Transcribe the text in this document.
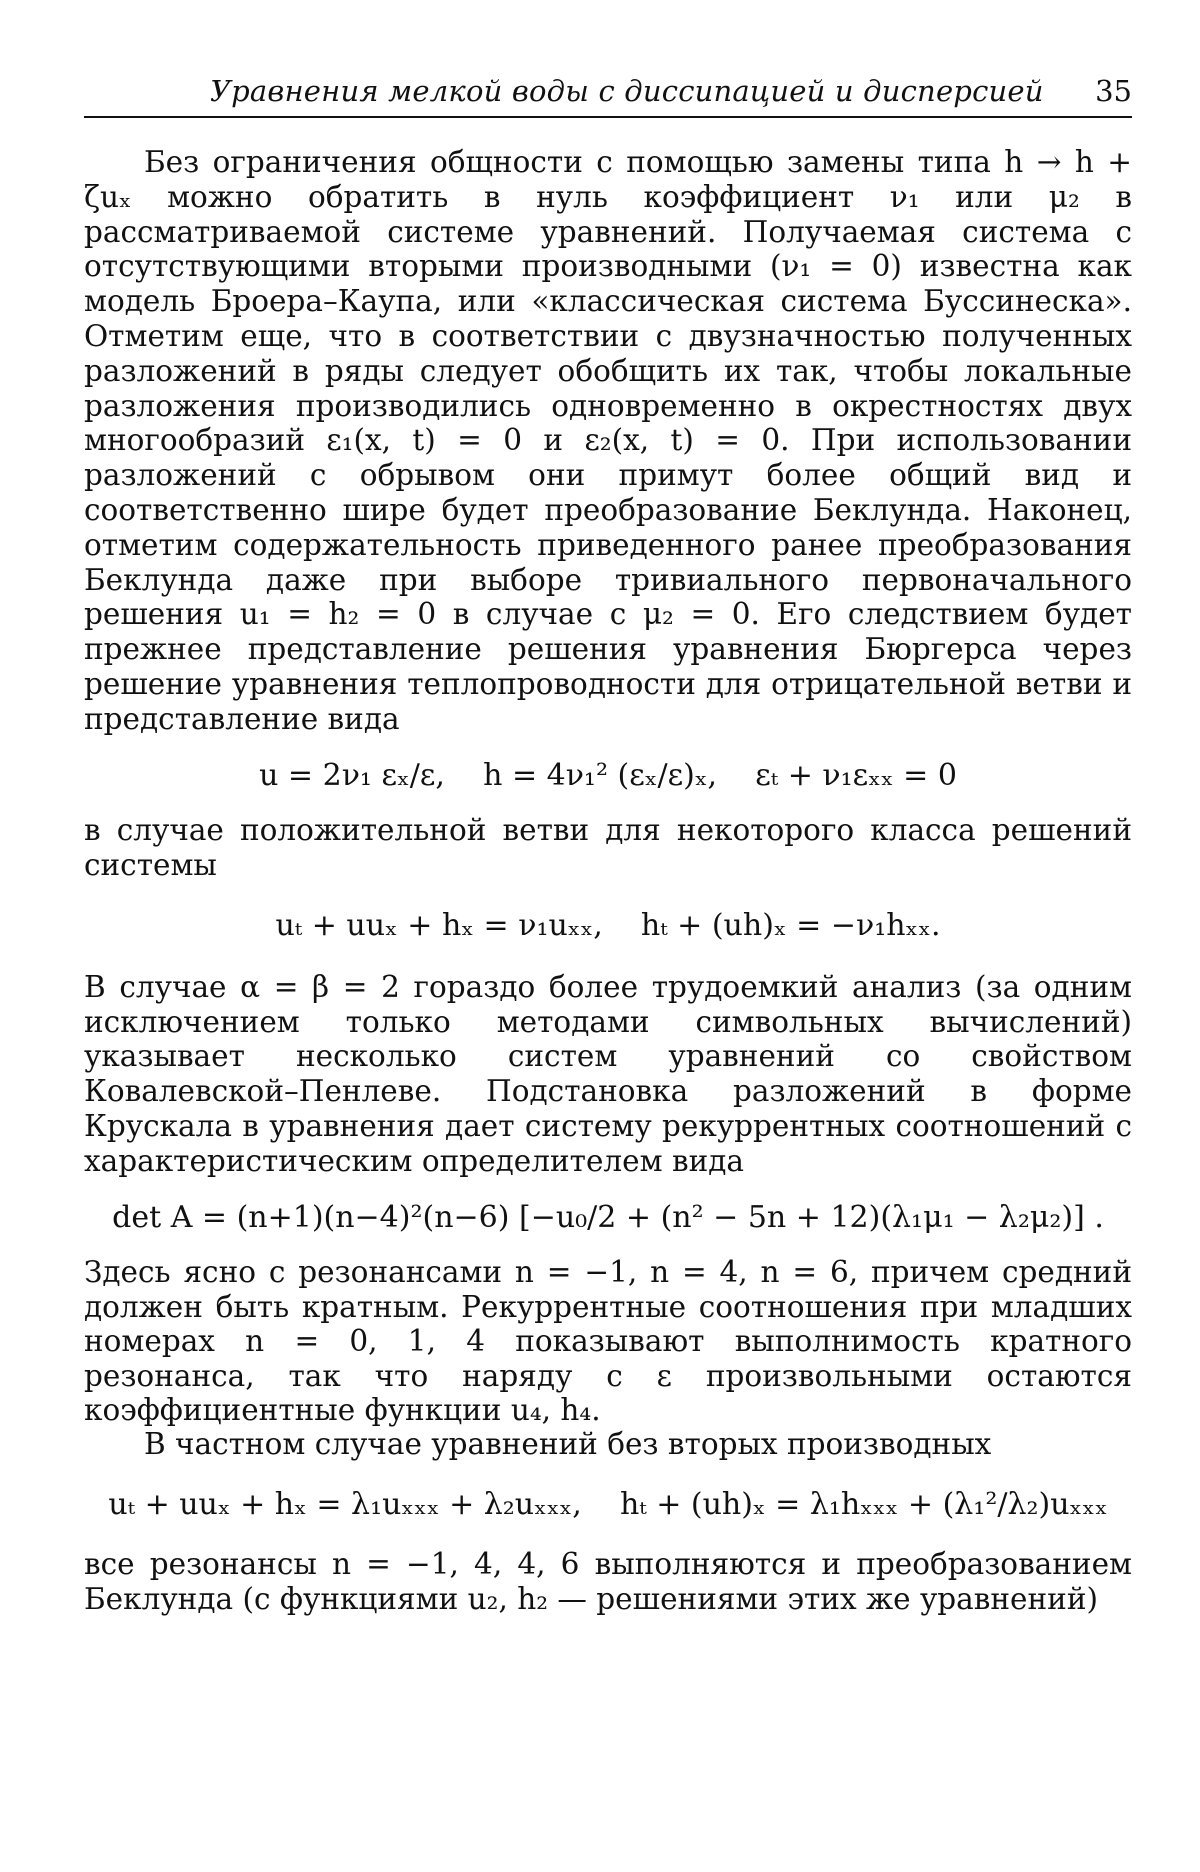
Уравнения мелкой воды с диссипацией и дисперсией 35

Без ограничения общности с помощью замены типа h → h + ζuₓ можно обратить в нуль коэффициент ν₁ или μ₂ в рассматриваемой системе уравнений. Получаемая система с отсутствующими вторыми производными (ν₁ = 0) известна как модель Броера–Каупа, или «классическая система Буссинеска». Отметим еще, что в соответствии с двузначностью полученных разложений в ряды следует обобщить их так, чтобы локальные разложения производились одновременно в окрестностях двух многообразий ε₁(x, t) = 0 и ε₂(x, t) = 0. При использовании разложений с обрывом они примут более общий вид и соответственно шире будет преобразование Беклунда. Наконец, отметим содержательность приведенного ранее преобразования Беклунда даже при выборе тривиального первоначального решения u₁ = h₂ = 0 в случае с μ₂ = 0. Его следствием будет прежнее представление решения уравнения Бюргерса через решение уравнения теплопроводности для отрицательной ветви и представление вида

u = 2ν₁ εₓ/ε,    h = 4ν₁² (εₓ/ε)ₓ,    εₜ + ν₁εₓₓ = 0

в случае положительной ветви для некоторого класса решений системы

uₜ + uuₓ + hₓ = ν₁uₓₓ,    hₜ + (uh)ₓ = −ν₁hₓₓ.

В случае α = β = 2 гораздо более трудоемкий анализ (за одним исключением только методами символьных вычислений) указывает несколько систем уравнений со свойством Ковалевской–Пенлеве. Подстановка разложений в форме Крускала в уравнения дает систему рекуррентных соотношений с характеристическим определителем вида

det A = (n+1)(n−4)²(n−6) [−u₀/2 + (n² − 5n + 12)(λ₁μ₁ − λ₂μ₂)] .

Здесь ясно с резонансами n = −1, n = 4, n = 6, причем средний должен быть кратным. Рекуррентные соотношения при младших номерах n = 0, 1, 4 показывают выполнимость кратного резонанса, так что наряду с ε произвольными остаются коэффициентные функции u₄, h₄.

В частном случае уравнений без вторых производных

uₜ + uuₓ + hₓ = λ₁uₓₓₓ + λ₂uₓₓₓ,    hₜ + (uh)ₓ = λ₁hₓₓₓ + (λ₁²/λ₂)uₓₓₓ

все резонансы n = −1, 4, 4, 6 выполняются и преобразованием Беклунда (с функциями u₂, h₂ — решениями этих же уравнений)
